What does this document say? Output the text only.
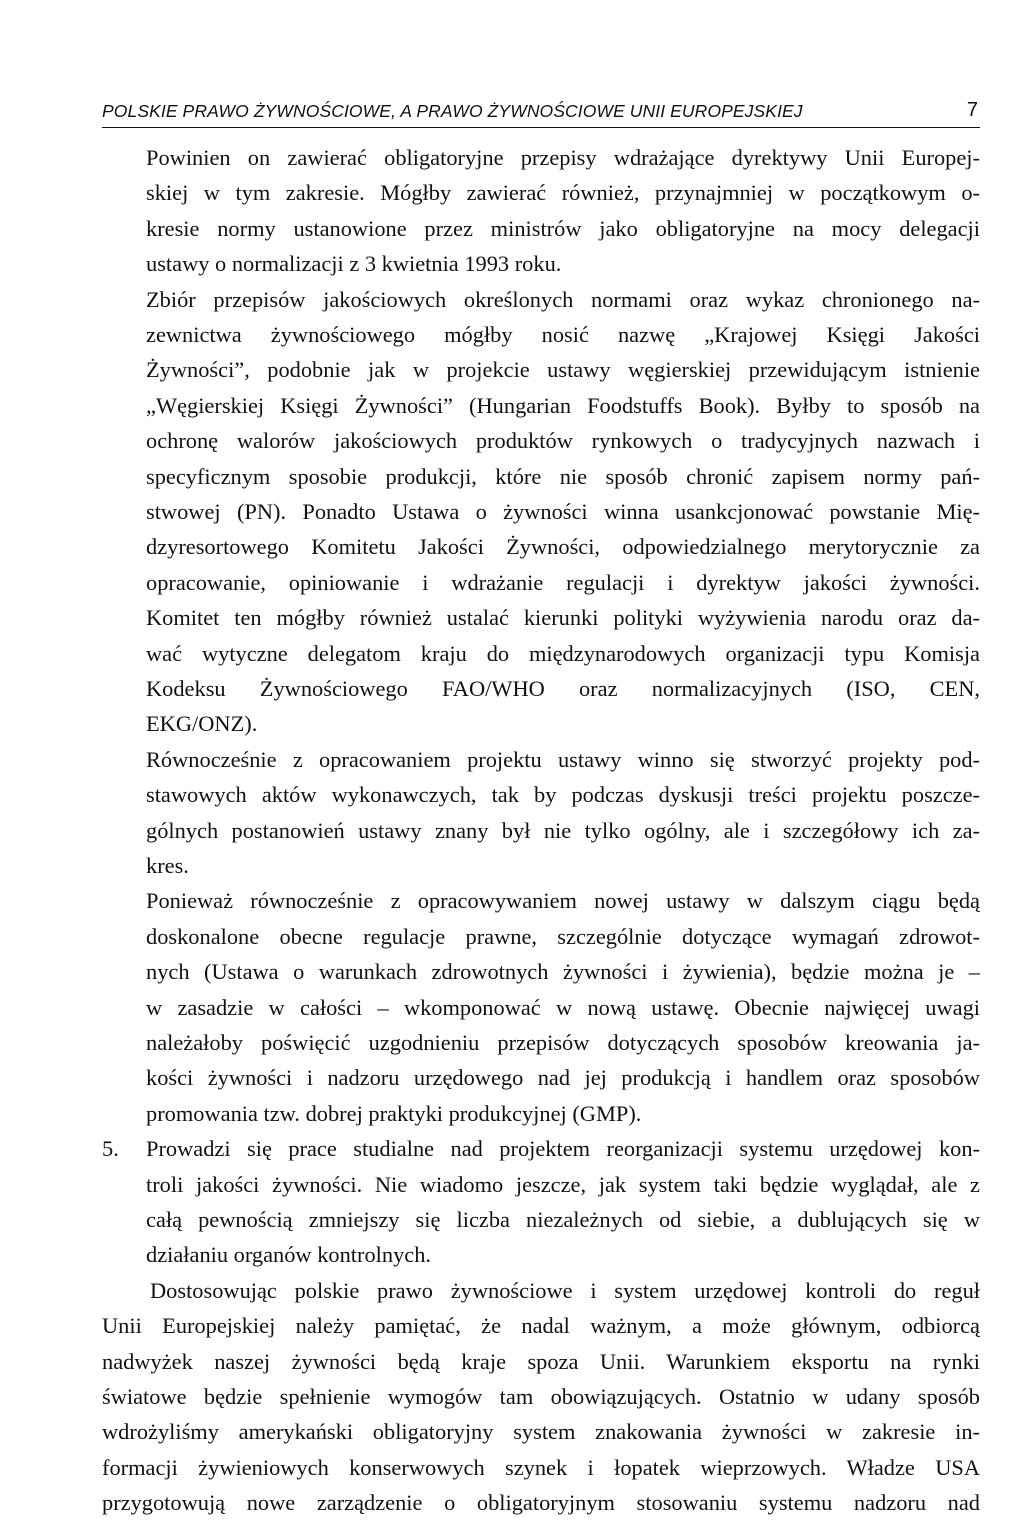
POLSKIE PRAWO ŻYWNOŚCIOWE, A PRAWO ŻYWNOŚCIOWE UNII EUROPEJSKIEJ	7
5.
Powinien on zawierać obligatoryjne przepisy wdrażające dyrektywy Unii Europej-
skiej w tym zakresie. Mógłby zawierać również, przynajmniej w początkowym o-
kresie normy ustanowione przez ministrów jako obligatoryjne na mocy delegacji
ustawy o normalizacji z 3 kwietnia 1993 roku.
Zbiór przepisów jakościowych określonych normami oraz wykaz chronionego na-
zewnictwa żywnościowego mógłby nosić nazwę „Krajowej Księgi Jakości
Żywności”, podobnie jak w projekcie ustawy węgierskiej przewidującym istnienie
„Węgierskiej Księgi Żywności” (Hungarian Foodstuffs Book). Byłby to sposób na
ochronę walorów jakościowych produktów rynkowych o tradycyjnych nazwach i
specyficznym sposobie produkcji, które nie sposób chronić zapisem normy pań-
stwowej (PN). Ponadto Ustawa o żywności winna usankcjonować powstanie Mię-
dzyresortowego Komitetu Jakości Żywności, odpowiedzialnego merytorycznie za
opracowanie, opiniowanie i wdrażanie regulacji i dyrektyw jakości żywności.
Komitet ten mógłby również ustalać kierunki polityki wyżywienia narodu oraz da-
wać wytyczne delegatom kraju do międzynarodowych organizacji typu Komisja
Kodeksu Żywnościowego FAO/WHO oraz normalizacyjnych (ISO, CEN,
EKG/ONZ).
Równocześnie z opracowaniem projektu ustawy winno się stworzyć projekty pod-
stawowych aktów wykonawczych, tak by podczas dyskusji treści projektu poszcze-
gólnych postanowień ustawy znany był nie tylko ogólny, ale i szczegółowy ich za-
kres.
Ponieważ równocześnie z opracowywaniem nowej ustawy w dalszym ciągu będą
doskonalone obecne regulacje prawne, szczególnie dotyczące wymagań zdrowot-
nych (Ustawa o warunkach zdrowotnych żywności i żywienia), będzie można je –
w zasadzie w całości – wkomponować w nową ustawę. Obecnie najwięcej uwagi
należałoby poświęcić uzgodnieniu przepisów dotyczących sposobów kreowania ja-
kości żywności i nadzoru urzędowego nad jej produkcją i handlem oraz sposobów
promowania tzw. dobrej praktyki produkcyjnej (GMP).
Prowadzi się prace studialne nad projektem reorganizacji systemu urzędowej kon-
troli jakości żywności. Nie wiadomo jeszcze, jak system taki będzie wyglądał, ale z
całą pewnością zmniejszy się liczba niezależnych od siebie, a dublujących się w
działaniu organów kontrolnych.
Dostosowując polskie prawo żywnościowe i system urzędowej kontroli do reguł
Unii Europejskiej należy pamiętać, że nadal ważnym, a może głównym, odbiorcą
nadwyżek naszej żywności będą kraje spoza Unii. Warunkiem eksportu na rynki
światowe będzie spełnienie wymogów tam obowiązujących. Ostatnio w udany sposób
wdrożyliśmy amerykański obligatoryjny system znakowania żywności w zakresie in-
formacji żywieniowych konserwowych szynek i łopatek wieprzowych. Władze USA
przygotowują nowe zarządzenie o obligatoryjnym stosowaniu systemu nadzoru nad
